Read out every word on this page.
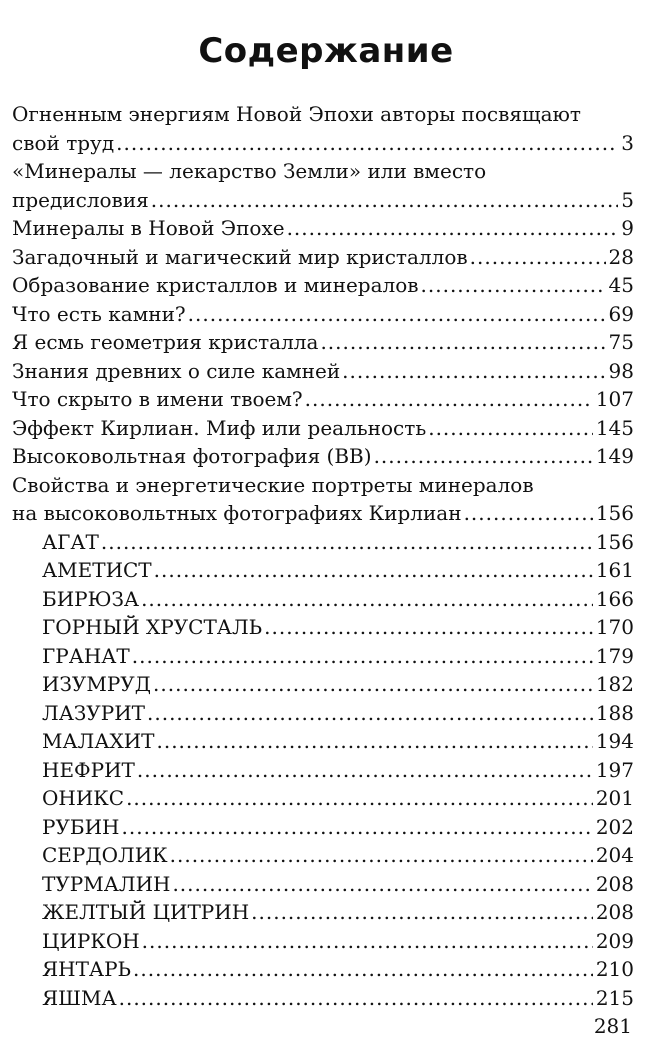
Содержание
Огненным энергиям Новой Эпохи авторы посвящают
свой труд .....	3
«Минералы — лекарство Земли» или вместо
предисловия .....	5
Минералы в Новой Эпохе .....	9
Загадочный и магический мир кристаллов .....	28
Образование кристаллов и минералов .....	45
Что есть камни? .....	69
Я есмь геометрия кристалла .....	75
Знания древних о силе камней .....	98
Что скрыто в имени твоем? .....	107
Эффект Кирлиан. Миф или реальность .....	145
Высоковольтная фотография (ВВ) .....	149
Свойства и энергетические портреты минералов
на высоковольтных фотографиях Кирлиан .....	156
АГАТ .....	156
АМЕТИСТ .....	161
БИРЮЗА .....	166
ГОРНЫЙ ХРУСТАЛЬ .....	170
ГРАНАТ .....	179
ИЗУМРУД .....	182
ЛАЗУРИТ .....	188
МАЛАХИТ .....	194
НЕФРИТ .....	197
ОНИКС .....	201
РУБИН .....	202
СЕРДОЛИК .....	204
ТУРМАЛИН .....	208
ЖЕЛТЫЙ ЦИТРИН .....	208
ЦИРКОН .....	209
ЯНТАРЬ .....	210
ЯШМА .....	215
281
